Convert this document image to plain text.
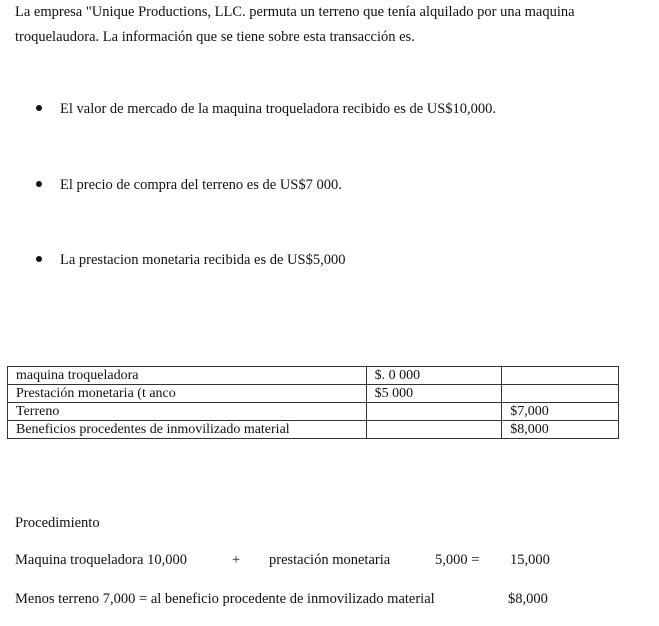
La empresa "Unique Productions, LLC. permuta un terreno que tenía alquilado por una maquina
troquelaudora. La información que se tiene sobre esta transacción es.

El valor de mercado de la maquina troqueladora recibido es de US$10,000.
El precio de compra del terreno es de US$7 000.
La prestacion monetaria recibida es de US$5,000
maquina troqueladora	$. 0 000	
Prestación monetaria (t anco	$5 000	
Terreno		$7,000
Beneficios procedentes de inmovilizado material		$8,000
Procedimiento
Maquina troqueladora 10,000	+ prestación monetaria	5,000 = 15,000
Menos terreno 7,000 = al beneficio procedente de inmovilizado material	$8,000
